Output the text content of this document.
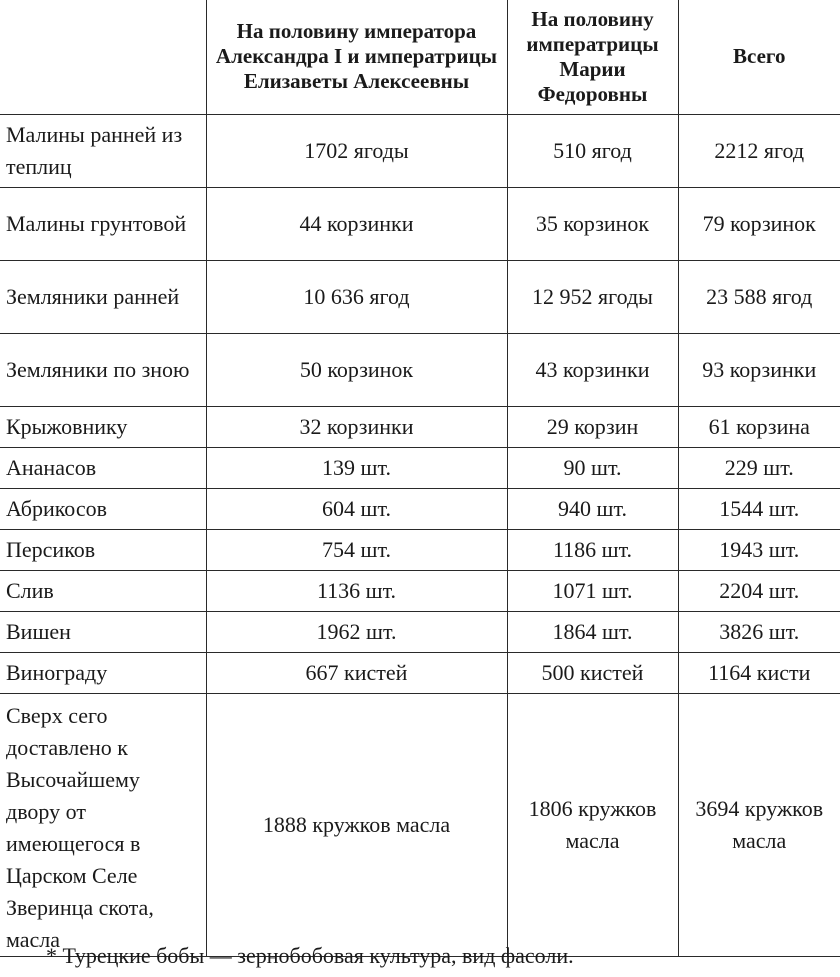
	На половину императора Александра I и императрицы Елизаветы Алексеевны	На половину императрицы Марии Федоровны	Всего
Малины ранней из теплиц	1702 ягоды	510 ягод	2212 ягод
Малины грунтовой	44 корзинки	35 корзинок	79 корзинок
Земляники ранней	10 636 ягод	12 952 ягоды	23 588 ягод
Земляники по зною	50 корзинок	43 корзинки	93 корзинки
Крыжовнику	32 корзинки	29 корзин	61 корзина
Ананасов	139 шт.	90 шт.	229 шт.
Абрикосов	604 шт.	940 шт.	1544 шт.
Персиков	754 шт.	1186 шт.	1943 шт.
Слив	1136 шт.	1071 шт.	2204 шт.
Вишен	1962 шт.	1864 шт.	3826 шт.
Винограду	667 кистей	500 кистей	1164 кисти
Сверх сего доставлено к Высочайшему двору от имеющегося в Царском Селе Зверинца скота, масла	1888 кружков масла	1806 кружков масла	3694 кружков масла
* Турецкие бобы — зернобобовая культура, вид фасоли.
